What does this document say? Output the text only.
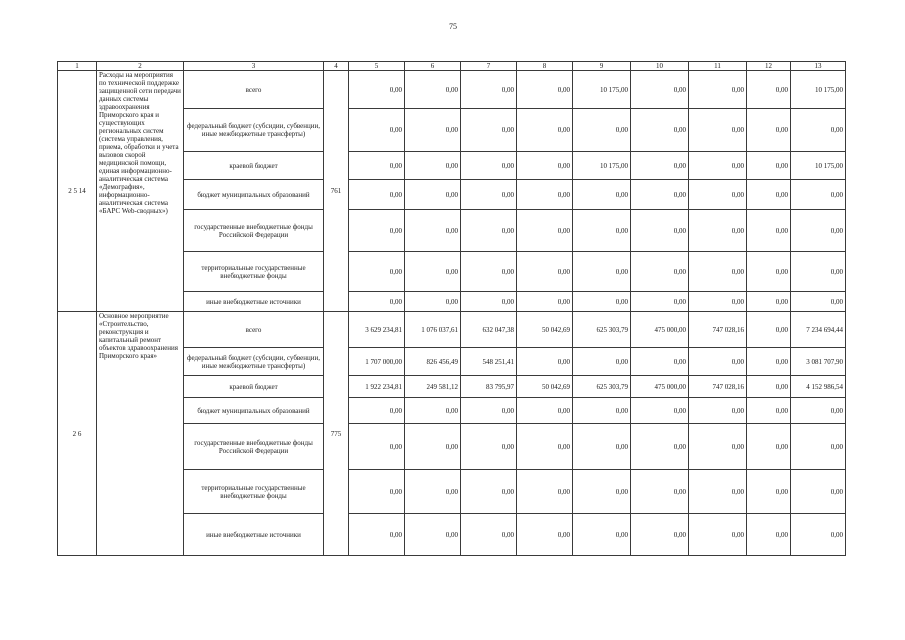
75
1	2	3	4	5	6	7	8	9	10	11	12	13
2 5 14	Расходы на мероприятия по технической поддержке защищенной сети передачи данных системы здравоохранения Приморского края и существующих региональных систем (система управления, приема, обработки и учета вызовов скорой медицинской помощи, единая информационно-аналитическая система «Демография», информационно-аналитическая система «БАРС Web-сводных»)	всего	761	0,00	0,00	0,00	0,00	10 175,00	0,00	0,00	0,00	10 175,00
		федеральный бюджет (субсидии, субвенции, иные межбюджетные трансферты)		0,00	0,00	0,00	0,00	0,00	0,00	0,00	0,00	0,00
		краевой бюджет		0,00	0,00	0,00	0,00	10 175,00	0,00	0,00	0,00	10 175,00
		бюджет муниципальных образований		0,00	0,00	0,00	0,00	0,00	0,00	0,00	0,00	0,00
		государственные внебюджетные фонды Российской Федерации		0,00	0,00	0,00	0,00	0,00	0,00	0,00	0,00	0,00
		территориальные государственные внебюджетные фонды		0,00	0,00	0,00	0,00	0,00	0,00	0,00	0,00	0,00
		иные внебюджетные источники		0,00	0,00	0,00	0,00	0,00	0,00	0,00	0,00	0,00
2 6	Основное мероприятие «Строительство, реконструкция и капитальный ремонт объектов здравоохранения Приморского края»	всего	775	3 629 234,81	1 076 037,61	632 047,38	50 042,69	625 303,79	475 000,00	747 028,16	0,00	7 234 694,44
		федеральный бюджет (субсидии, субвенции, иные межбюджетные трансферты)		1 707 000,00	826 456,49	548 251,41	0,00	0,00	0,00	0,00	0,00	3 081 707,90
		краевой бюджет		1 922 234,81	249 581,12	83 795,97	50 042,69	625 303,79	475 000,00	747 028,16	0,00	4 152 986,54
		бюджет муниципальных образований		0,00	0,00	0,00	0,00	0,00	0,00	0,00	0,00	0,00
		государственные внебюджетные фонды Российской Федерации		0,00	0,00	0,00	0,00	0,00	0,00	0,00	0,00	0,00
		территориальные государственные внебюджетные фонды		0,00	0,00	0,00	0,00	0,00	0,00	0,00	0,00	0,00
		иные внебюджетные источники		0,00	0,00	0,00	0,00	0,00	0,00	0,00	0,00	0,00
